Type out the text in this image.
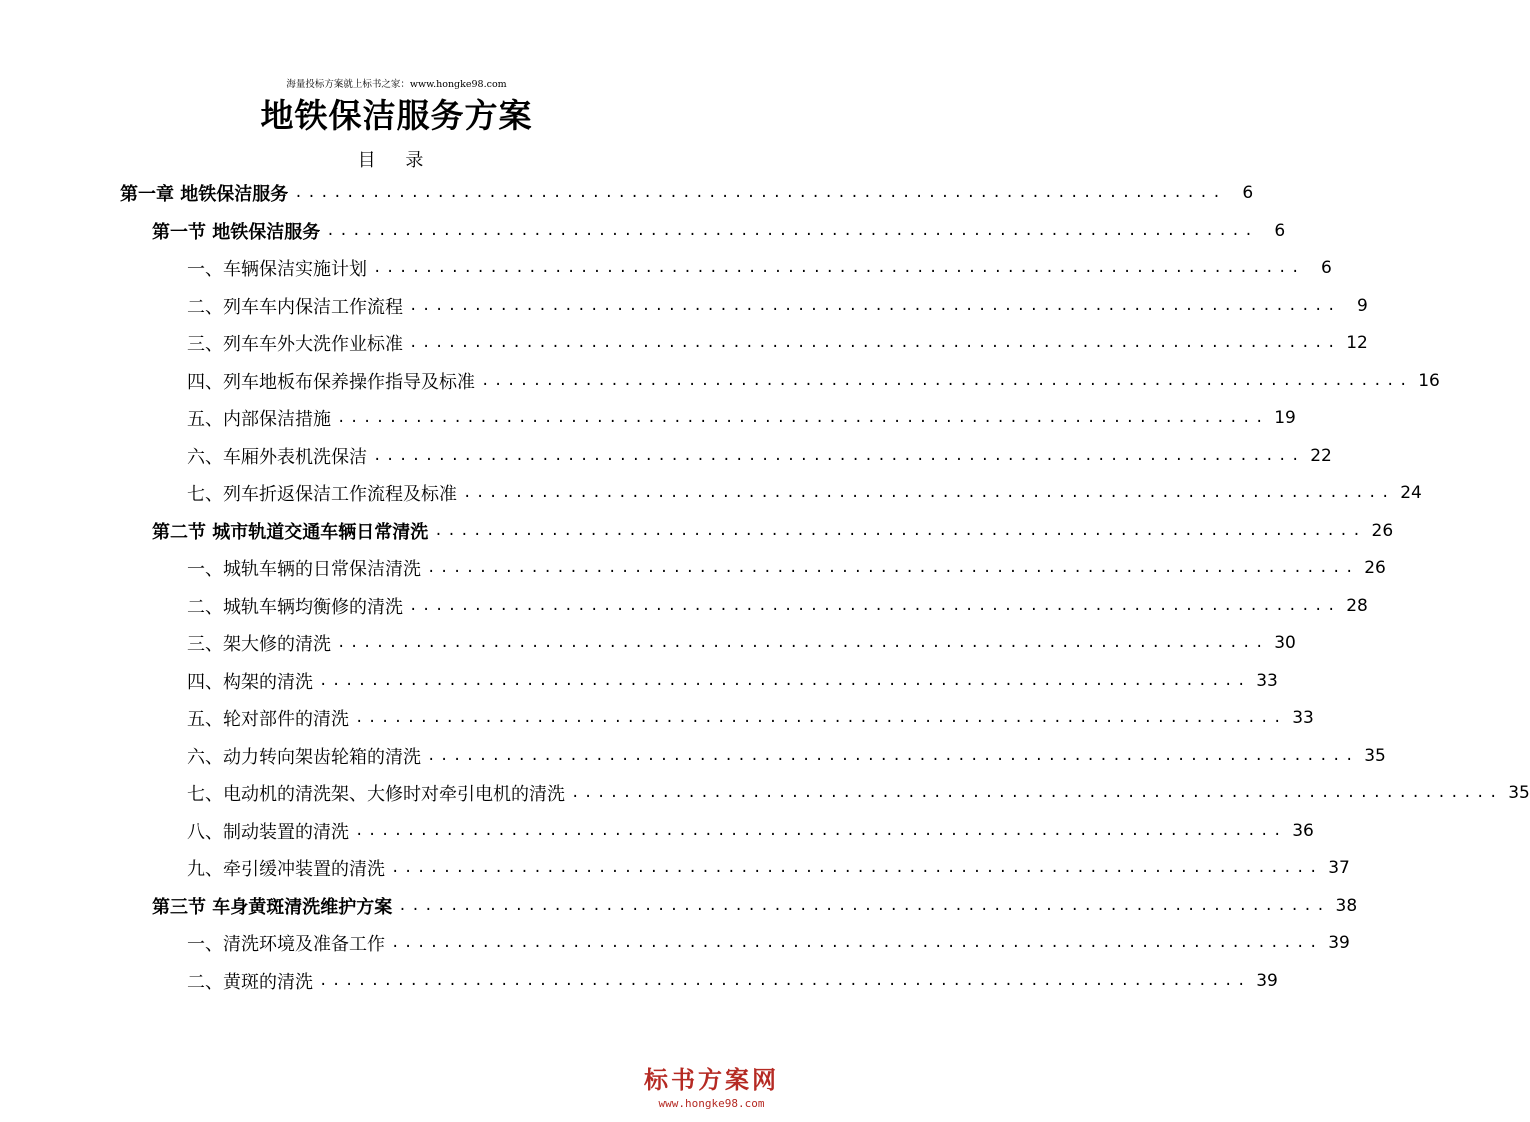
海量投标方案就上标书之家：www.hongke98.com
地铁保洁服务方案
目 录
第一章 地铁保洁服务 ........................................................................	6
第一节 地铁保洁服务 ........................................................................	6
一、车辆保洁实施计划 ........................................................................	6
二、列车车内保洁工作流程 ........................................................................	9
三、列车车外大洗作业标准 ........................................................................ 12
四、列车地板布保养操作指导及标准 ........................................................................ 16
五、内部保洁措施 ........................................................................ 19
六、车厢外表机洗保洁 ........................................................................ 22
七、列车折返保洁工作流程及标准 ........................................................................ 24
第二节 城市轨道交通车辆日常清洗 ........................................................................ 26
一、城轨车辆的日常保洁清洗 ........................................................................ 26
二、城轨车辆均衡修的清洗 ........................................................................ 28
三、架大修的清洗 ........................................................................ 30
四、构架的清洗 ........................................................................ 33
五、轮对部件的清洗 ........................................................................ 33
六、动力转向架齿轮箱的清洗 ........................................................................ 35
七、电动机的清洗架、大修时对牵引电机的清洗 ........................................................................ 35
八、制动装置的清洗 ........................................................................ 36
九、牵引缓冲装置的清洗 ........................................................................ 37
第三节 车身黄斑清洗维护方案 ........................................................................ 38
一、清洗环境及准备工作 ........................................................................ 39
二、黄斑的清洗 ........................................................................ 39
标书方案网
www.hongke98.com
